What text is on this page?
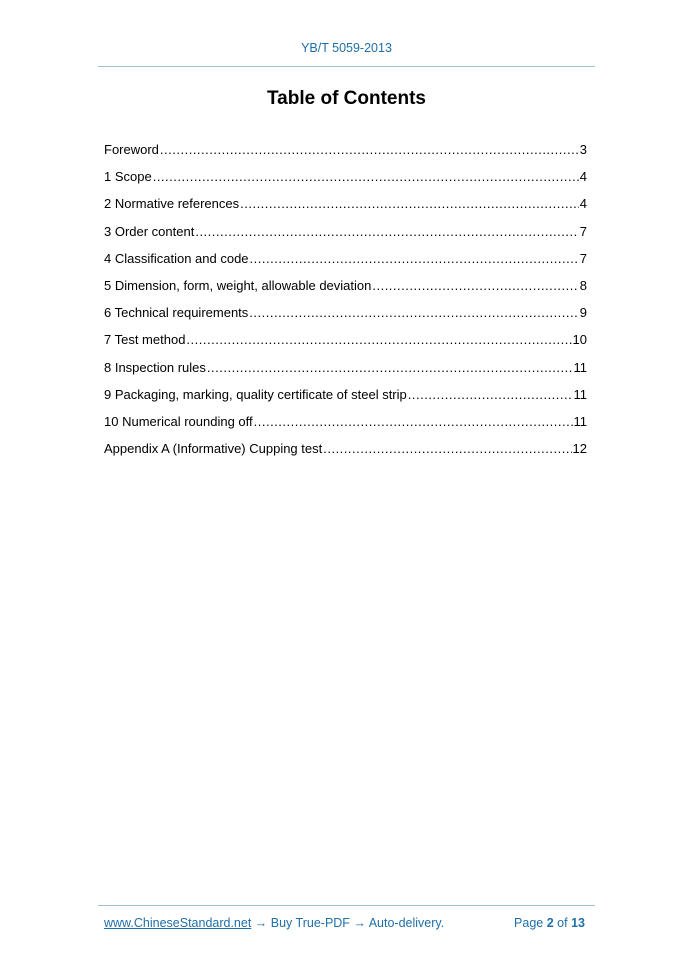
YB/T 5059-2013
Table of Contents
Foreword .....	3
1 Scope .....	4
2 Normative references .....	4
3 Order content .....	7
4 Classification and code .....	7
5 Dimension, form, weight, allowable deviation .....	8
6 Technical requirements .....	9
7 Test method .....	10
8 Inspection rules .....	11
9 Packaging, marking, quality certificate of steel strip .....	11
10 Numerical rounding off .....	11
Appendix A (Informative) Cupping test .....	12
www.ChineseStandard.net → Buy True-PDF → Auto-delivery.	Page 2 of 13
